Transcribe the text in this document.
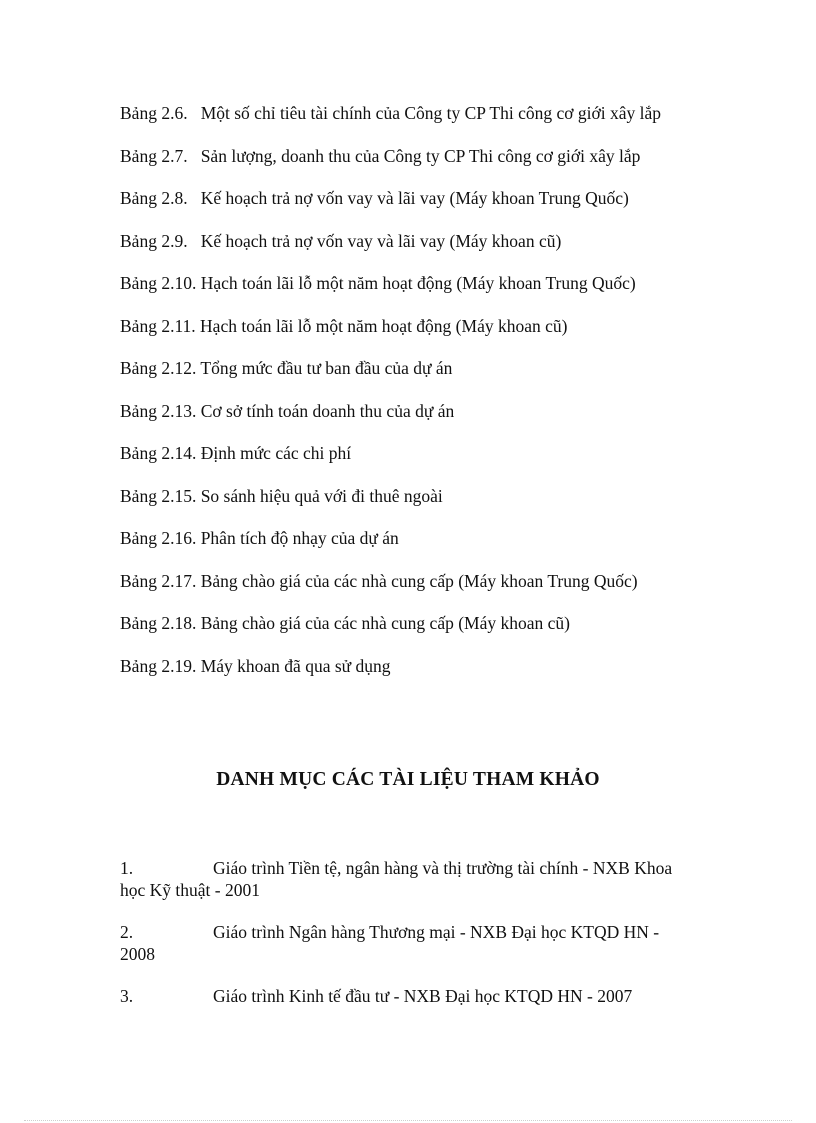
Bảng 2.6. Một số chỉ tiêu tài chính của Công ty CP Thi công cơ giới xây lắp

Bảng 2.7. Sản lượng, doanh thu của Công ty CP Thi công cơ giới xây lắp

Bảng 2.8. Kế hoạch trả nợ vốn vay và lãi vay (Máy khoan Trung Quốc)

Bảng 2.9. Kế hoạch trả nợ vốn vay và lãi vay (Máy khoan cũ)

Bảng 2.10. Hạch toán lãi lỗ một năm hoạt động (Máy khoan Trung Quốc)

Bảng 2.11. Hạch toán lãi lỗ một năm hoạt động (Máy khoan cũ)

Bảng 2.12. Tổng mức đầu tư ban đầu của dự án

Bảng 2.13. Cơ sở tính toán doanh thu của dự án

Bảng 2.14. Định mức các chi phí

Bảng 2.15. So sánh hiệu quả với đi thuê ngoài

Bảng 2.16. Phân tích độ nhạy của dự án

Bảng 2.17. Bảng chào giá của các nhà cung cấp (Máy khoan Trung Quốc)

Bảng 2.18. Bảng chào giá của các nhà cung cấp (Máy khoan cũ)

Bảng 2.19. Máy khoan đã qua sử dụng

DANH MỤC CÁC TÀI LIỆU THAM KHẢO

1.	Giáo trình Tiền tệ, ngân hàng và thị trường tài chính - NXB Khoa học Kỹ thuật - 2001

2.	Giáo trình Ngân hàng Thương mại - NXB Đại học KTQD HN - 2008

3.	Giáo trình Kinh tế đầu tư - NXB Đại học KTQD HN - 2007
